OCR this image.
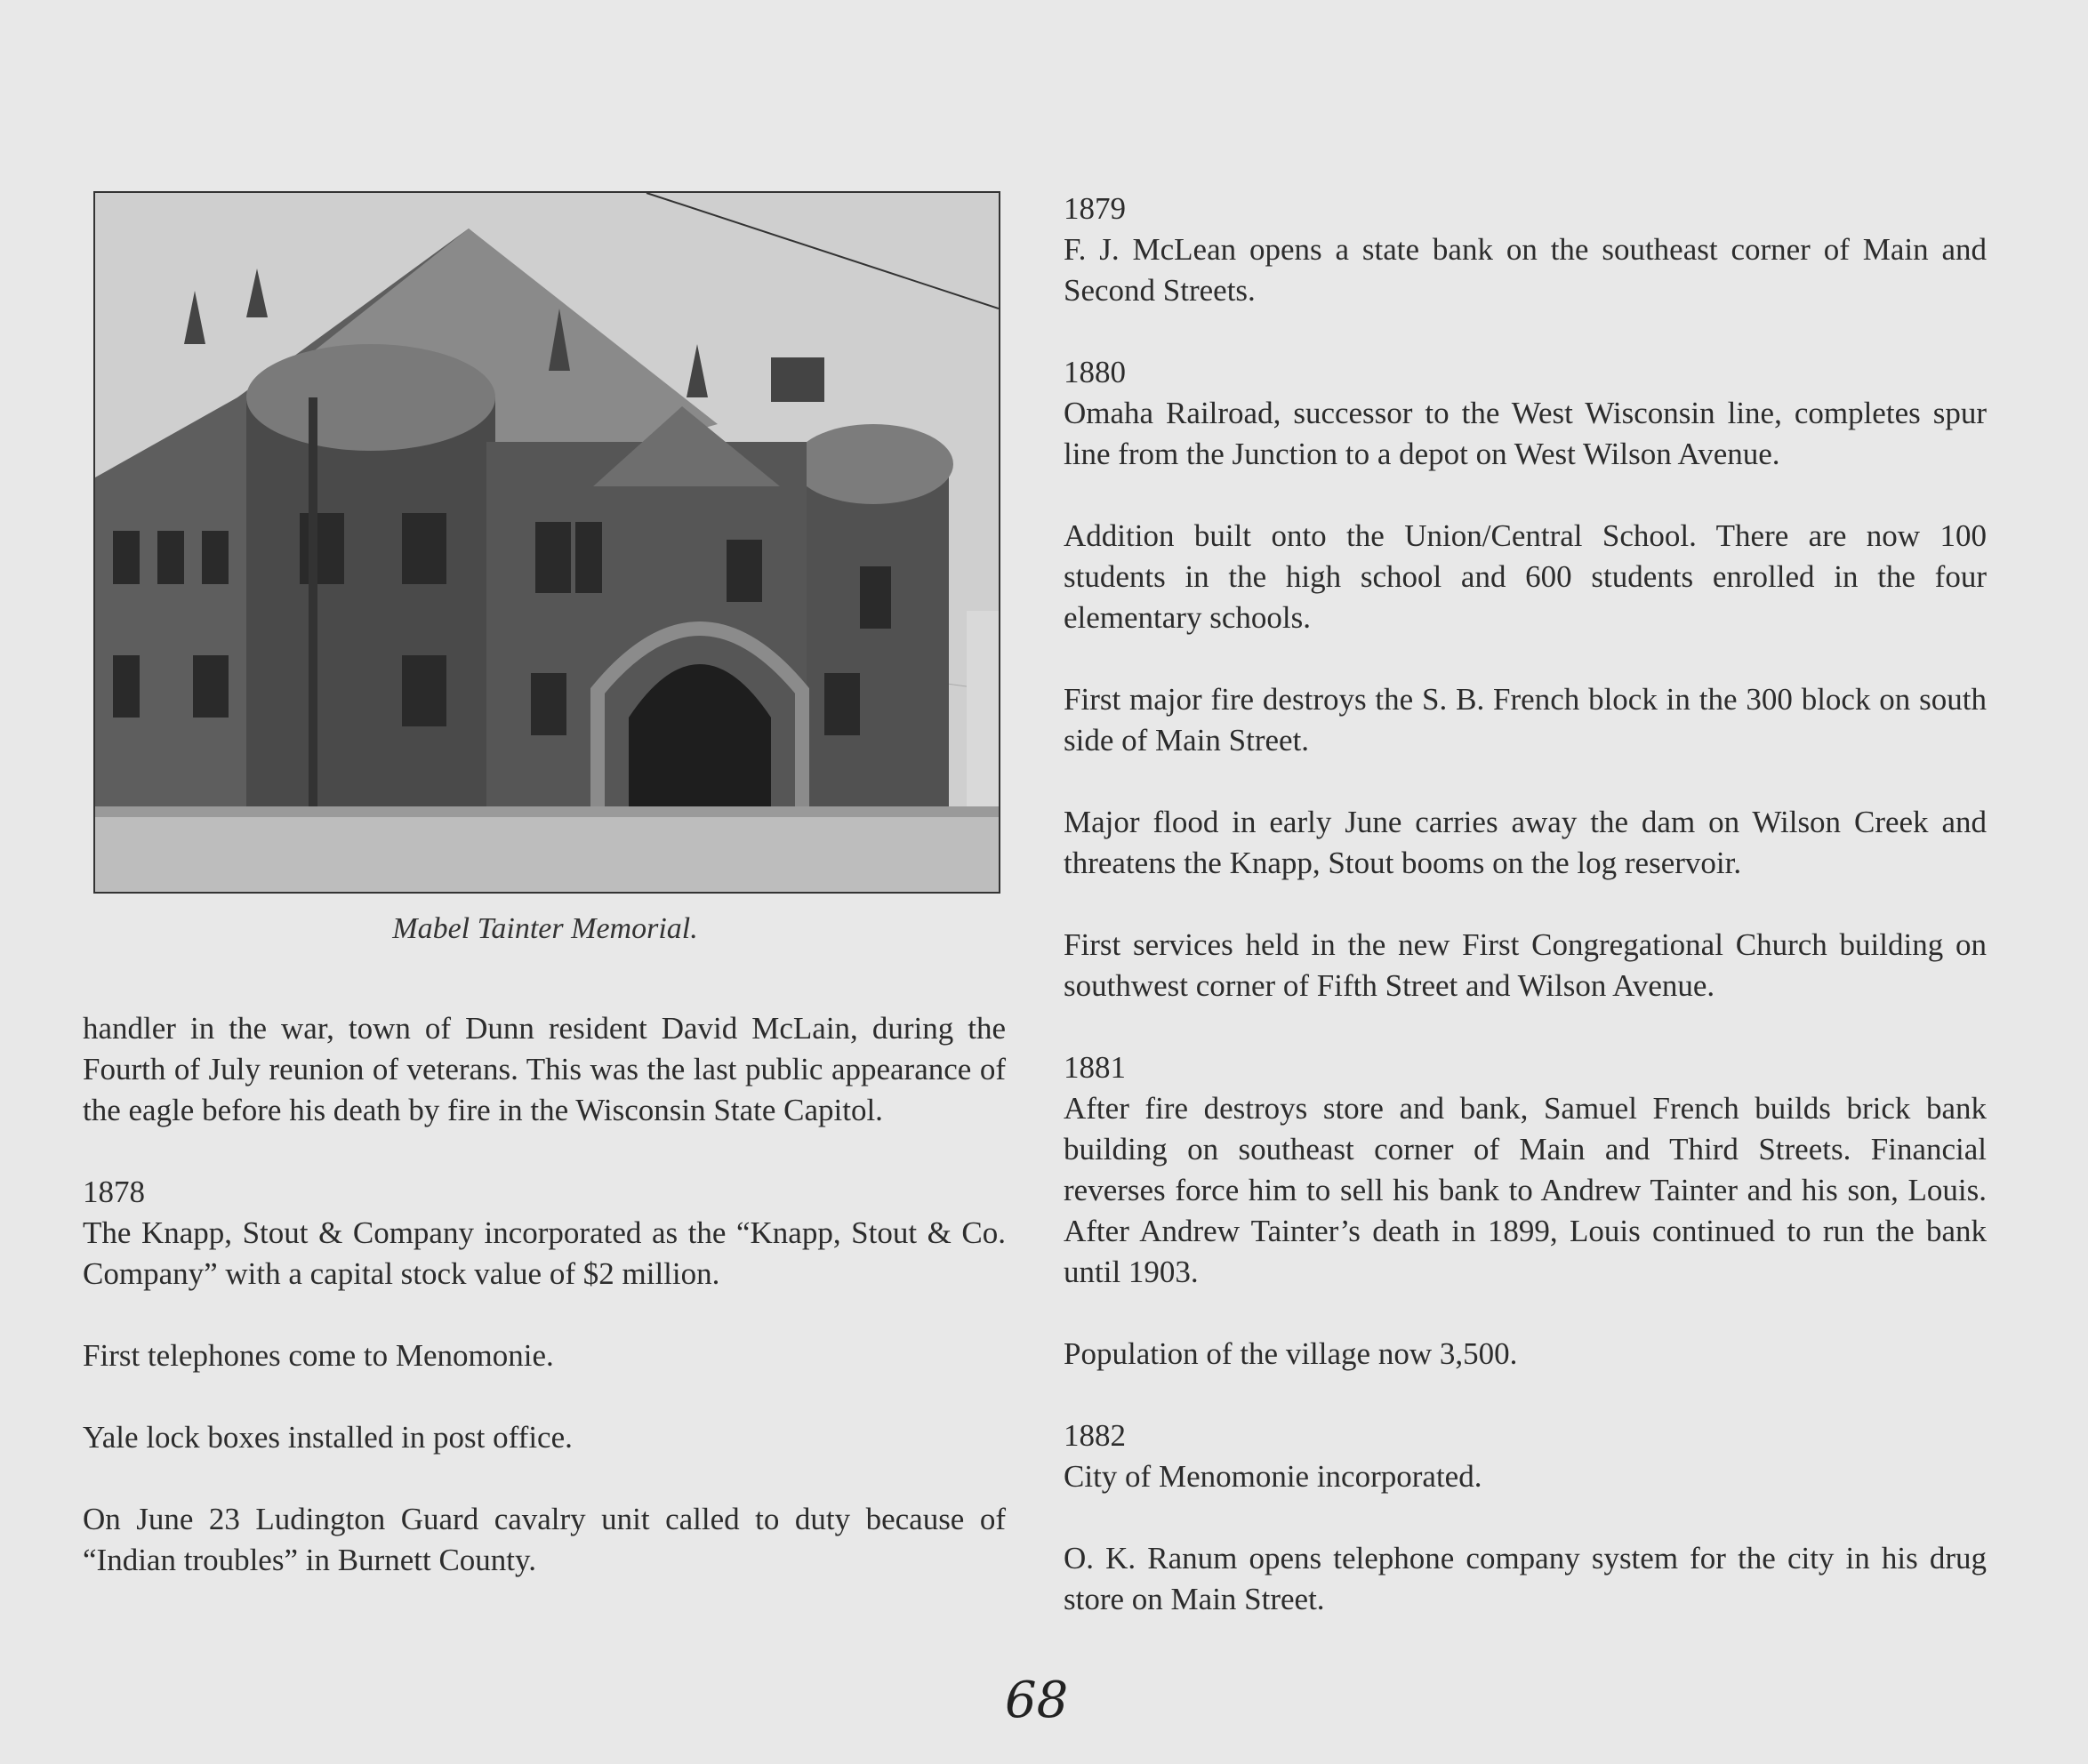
Mabel Tainter Memorial.

handler in the war, town of Dunn resident David McLain, during the Fourth of July reunion of veterans. This was the last public appearance of the eagle before his death by fire in the Wisconsin State Capitol.

1878

The Knapp, Stout & Company incorporated as the “Knapp, Stout & Co. Company” with a capital stock value of $2 million.

First telephones come to Menomonie.

Yale lock boxes installed in post office.

On June 23 Ludington Guard cavalry unit called to duty because of “Indian troubles” in Burnett County.

1879

F. J. McLean opens a state bank on the southeast corner of Main and Second Streets.

1880

Omaha Railroad, successor to the West Wisconsin line, completes spur line from the Junction to a depot on West Wilson Avenue.

Addition built onto the Union/Central School. There are now 100 students in the high school and 600 students enrolled in the four elementary schools.

First major fire destroys the S. B. French block in the 300 block on south side of Main Street.

Major flood in early June carries away the dam on Wilson Creek and threatens the Knapp, Stout booms on the log reservoir.

First services held in the new First Congregational Church building on southwest corner of Fifth Street and Wilson Avenue.

1881

After fire destroys store and bank, Samuel French builds brick bank building on southeast corner of Main and Third Streets. Financial reverses force him to sell his bank to Andrew Tainter and his son, Louis. After Andrew Tainter’s death in 1899, Louis continued to run the bank until 1903.

Population of the village now 3,500.

1882

City of Menomonie incorporated.

O. K. Ranum opens telephone company system for the city in his drug store on Main Street.

68
